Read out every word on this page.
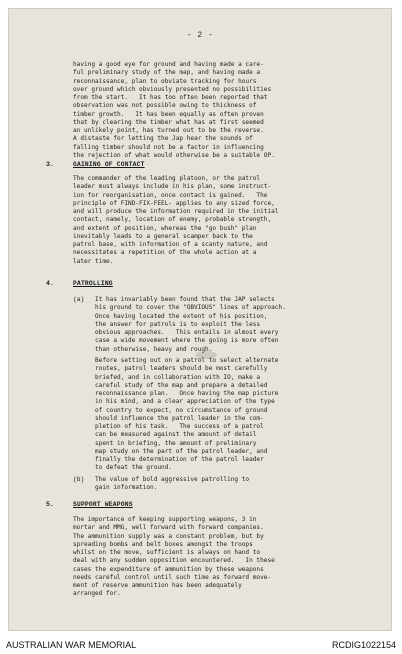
- 2 -
having a good eye for ground and having made a care-
ful preliminary study of the map, and having made a
reconnaissance, plan to obviate tracking for hours
over ground which obviously presented no possibilities
from the start.   It has too often been reported that
observation was not possible owing to thickness of
timber growth.   It has been equally as often proven
that by clearing the timber what has at first seemed
an unlikely point, has turned out to be the reverse.
A distaste for letting the Jap hear the sounds of
falling timber should not be a factor in influencing
the rejection of what would otherwise be a suitable OP.
3.	GAINING OF CONTACT
The commander of the leading platoon, or the patrol
leader must always include in his plan, some instruct-
ion for reorganisation, once contact is gained.   The
principle of FIND-FIX-FEEL- applies to any sized force,
and will produce the information required in the initial
contact, namely, location of enemy, probable strength,
and extent of position, whereas the "go bush" plan
inevitably leads to a general scamper back to the
patrol base, with information of a scanty nature, and
necessitates a repetition of the whole action at a
later time.
4.	PATROLLING
(a) It has invariably been found that the JAP selects
his ground to cover the "OBVIOUS" lines of approach.
Once having located the extent of his position,
the answer for patrols is to exploit the less
obvious approaches.   This entails in almost every
case a wide movement where the going is more often
than otherwise, heavy and rough.
Before setting out on a patrol to select alternate
routes, patrol leaders should be most carefully
briefed, and in collaboration with IO, make a
careful study of the map and prepare a detailed
reconnaissance plan.   Once having the map picture
in his mind, and a clear appreciation of the type
of country to expect, no circumstance of ground
should influence the patrol leader in the com-
pletion of his task.   The success of a patrol
can be measured against the amount of detail
spent in briefing, the amount of preliminary
map study on the part of the patrol leader, and
finally the determination of the patrol leader
to defeat the ground.
(b) The value of bold aggressive patrolling to
gain information.
5.	SUPPORT WEAPONS
The importance of keeping supporting weapons, 3 in
mortar and MMG, well forward with forward companies.
The ammunition supply was a constant problem, but by
spreading bombs and belt boxes amongst the troops
whilst on the move, sufficient is always on hand to
deal with any sudden opposition encountered.   In these
cases the expenditure of ammunition by these weapons
needs careful control until such time as forward move-
ment of reserve ammunition has been adequately
arranged for.
AUSTRALIAN WAR MEMORIAL	RCDIG1022154
